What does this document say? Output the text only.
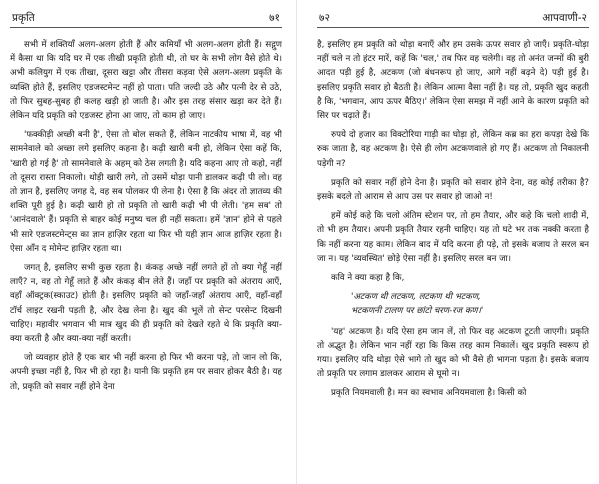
प्रकृति	७१

सभी में शक्तियाँ अलग-अलग होती हैं और कमियाँ भी अलग-अलग होती हैं। सद्गुण में कैसा था कि यदि घर में एक तीखी प्रकृति होती थी, तो घर के सभी लोग वैसे होते थे। अभी कलियुग में एक तीखा, दूसरा खट्टा और तीसरा कड़वा ऐसे अलग-अलग प्रकृति के व्यक्ति होते हैं, इसलिए एडजस्टमेन्ट नहीं हो पाता। पति जल्दी उठे और पत्नी देर से उठे, तो फिर सुबह-सुबह ही कलह खड़ी हो जाती है। और इस तरह संसार खड़ा कर देते हैं। लेकिन यदि प्रकृति को एडजस्ट होना आ जाए, तो काम हो जाए।

'फक्कीड़ी अच्छी बनी है', ऐसा तो बोल सकते हैं, लेकिन नाटकीय भाषा में, वह भी सामनेवाले को अच्छा लगे इसलिए कहना है। कढ़ी खारी बनी हो, लेकिन ऐसा कहें कि, 'खारी हो गई है' तो सामनेवाले के अहम् को ठेस लगती है। यदि कहना आए तो कहो, नहीं तो दूसरा रास्ता निकालो। थोड़ी खारी लगे, तो उसमें थोड़ा पानी डालकर कढ़ी पी लो। वह तो ज्ञान है, इसलिए जगह दे, वह सब पोलकर पी लेना है। ऐसा है कि अंदर तो ज्ञातव्य की शक्ति पूरी हुई है। कढ़ी खारी हो तो प्रकृति तो खारी कढ़ी भी पी लेती। 'हम सब' तो 'आनंदवाले' हैं। प्रकृति से बाहर कोई मनुष्य चल ही नहीं सकता। हमें 'ज्ञान' होने से पहले भी सारे एडजस्टमेन्ट्स का ज्ञान हाज़िर रहता था फिर भी यही ज्ञान आज हाज़िर रहता है। ऐसा आँन द मोमेन्ट हाज़िर रहता था।

जगत् है, इसलिए सभी कुछ रहता है। कंकड़ अच्छे नहीं लगते हों तो क्या गेहूँ नहीं लाएँ? न, वह तो गेहूँ लाते हैं और कंकड़ बीन लेते हैं। जहाँ पर प्रकृति को अंतराय आएँ, वहाँ ऑक्ट्रक(स्काउट) होती है। इसलिए प्रकृति को जहाँ-जहाँ अंतराय आएँ, वहाँ-वहाँ टॉर्च लाइट रखनी पड़ती है, और देख लेना है। खुद की भूलें तो सेन्ट परसेन्ट दिखनी चाहिए। महावीर भगवान भी मात्र खुद की ही प्रकृति को देखते रहते थे कि प्रकृति क्या-क्या करती है और क्या-क्या नहीं करती।

जो व्यवहार होते हैं एक बार भी नहीं करना हो फिर भी करना पड़े, तो जान लो कि, अपनी इच्छा नहीं है, फिर भी हो रहा है। यानी कि प्रकृति हम पर सवार होकर बैठी है। यह तो, प्रकृति को सवार नहीं होने देना

७२	आपवाणी-२

है, इसलिए हम प्रकृति को थोड़ा बनाएँ और हम उसके ऊपर सवार हो जाएँ। प्रकृति-घोड़ा नहीं चले न तो हंटर मारें, कहें कि 'चल,' तब फिर वह चलेगी। वह तो अनंत जन्मों की बुरी आदत पड़ी हुई है, अटकण (जो बंधनरूप हो जाए, आगे नहीं बढ़ने दे) पड़ी हुई है। इसलिए प्रकृति सवार हो बैठती है। लेकिन आत्मा वैसा नहीं है। यह तो, प्रकृति खुद कहती है कि, 'भगवान, आप ऊपर बैठिए।' लेकिन ऐसा समझ में नहीं आने के कारण प्रकृति को सिर पर चढ़ाते हैं।

रुपये दो हजार का विक्टोरिया गाड़ी का घोड़ा हो, लेकिन कब्र का हरा कपड़ा देखे कि रुक जाता है, वह अटकण है। ऐसे ही लोग अटकणवाले हो गए हैं। अटकण तो निकालनी पड़ेगी न?

प्रकृति को सवार नहीं होने देना है। प्रकृति को सवार होने देना, वह कोई तरीका है? इसके बदले तो आराम से आप उस पर सवार हो जाओ न!

हमें कोई कहे कि चलो अंतिम स्टेशन पर, तो हम तैयार, और कहे कि चलो शादी में, तो भी हम तैयार। अपनी प्रकृति तैयार रहनी चाहिए। यह तो घटे भर तक नक्की करता है कि नहीं करना यह काम। लेकिन बाद में यदि करना ही पड़े, तो इसके बजाय ते सरल बन जा न। यह 'व्यवस्थित' छोड़े ऐसा नहीं है। इसलिए सरल बन जा।

कवि ने क्या कहा है कि,

'अटकण थी लटकण, लटकण थी भटकण,
भटकणनी टालण पर छांटो चरण-रज कण।'

'यह' अटकण है। यदि ऐसा हम जान लें, तो फिर वह अटकण टूटती जाएगी। प्रकृति तो अद्भुत है। लेकिन भान नहीं रहा कि किस तरह काम निकालें। खुद प्रकृति स्वरूप हो गया। इसलिए यदि थोड़ा ऐसे भागे तो खुद को भी वैसे ही भागना पड़ता है। इसके बजाय तो प्रकृति पर लगाम डालकर आराम से घूमो न।

प्रकृति नियमवाली है। मन का स्वभाव अनियमवाला है। किसी को
